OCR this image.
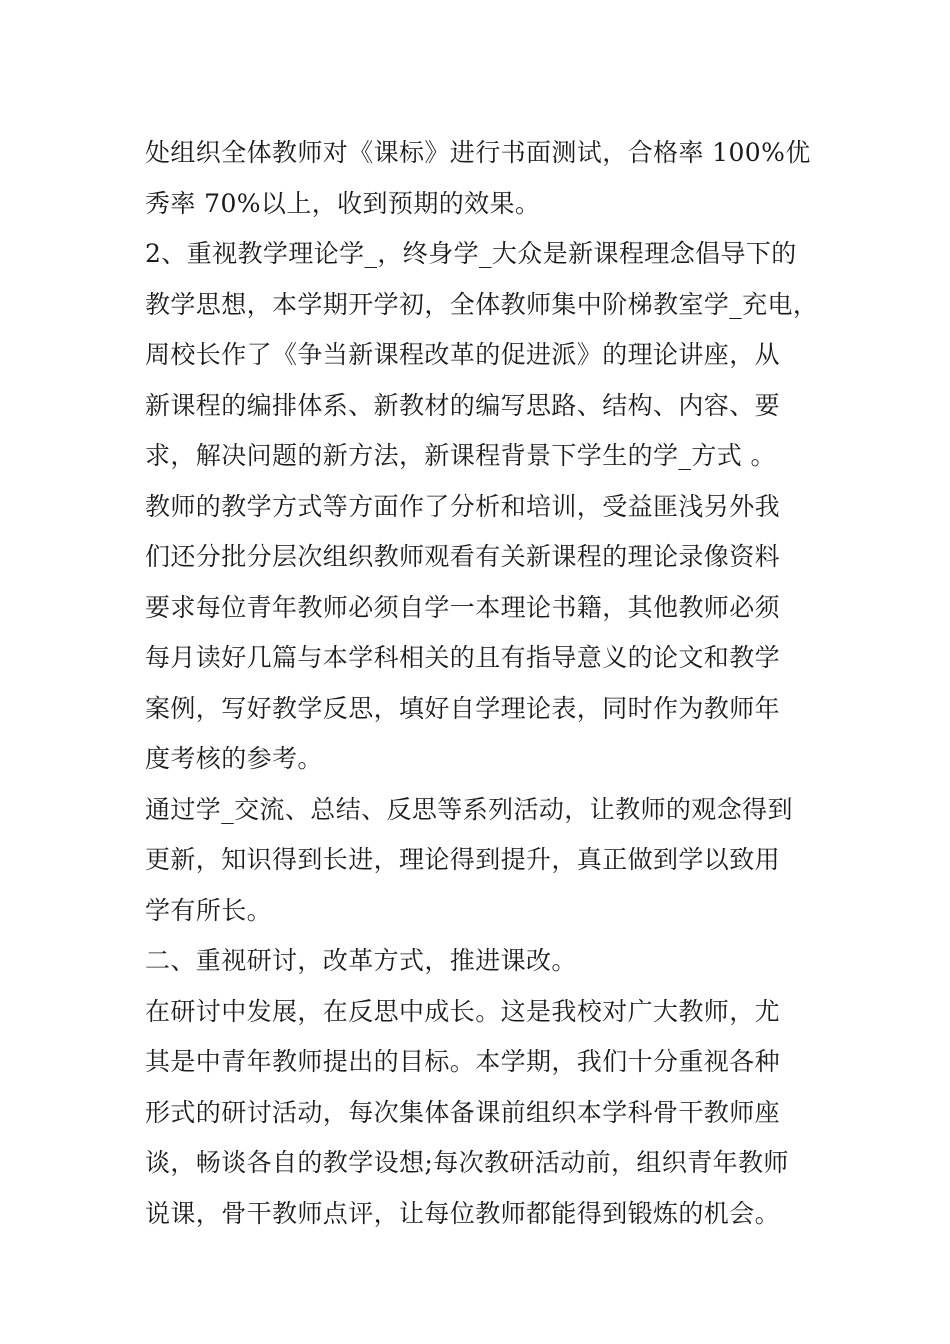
处组织全体教师对《课标》进行书面测试，合格率 100%优
秀率 70%以上，收到预期的效果。

2、重视教学理论学_，终身学_大众是新课程理念倡导下的
教学思想，本学期开学初，全体教师集中阶梯教室学_充电，
周校长作了《争当新课程改革的促进派》的理论讲座，从
新课程的编排体系、新教材的编写思路、结构、内容、要
求，解决问题的新方法，新课程背景下学生的学_方式 。

教师的教学方式等方面作了分析和培训，受益匪浅另外我
们还分批分层次组织教师观看有关新课程的理论录像资料
要求每位青年教师必须自学一本理论书籍，其他教师必须
每月读好几篇与本学科相关的且有指导意义的论文和教学
案例，写好教学反思，填好自学理论表，同时作为教师年
度考核的参考。

通过学_交流、总结、反思等系列活动，让教师的观念得到
更新，知识得到长进，理论得到提升，真正做到学以致用
学有所长。

二、重视研讨，改革方式，推进课改。

在研讨中发展，在反思中成长。这是我校对广大教师，尤
其是中青年教师提出的目标。本学期，我们十分重视各种
形式的研讨活动，每次集体备课前组织本学科骨干教师座
谈，畅谈各自的教学设想;每次教研活动前，组织青年教师
说课，骨干教师点评，让每位教师都能得到锻炼的机会。
